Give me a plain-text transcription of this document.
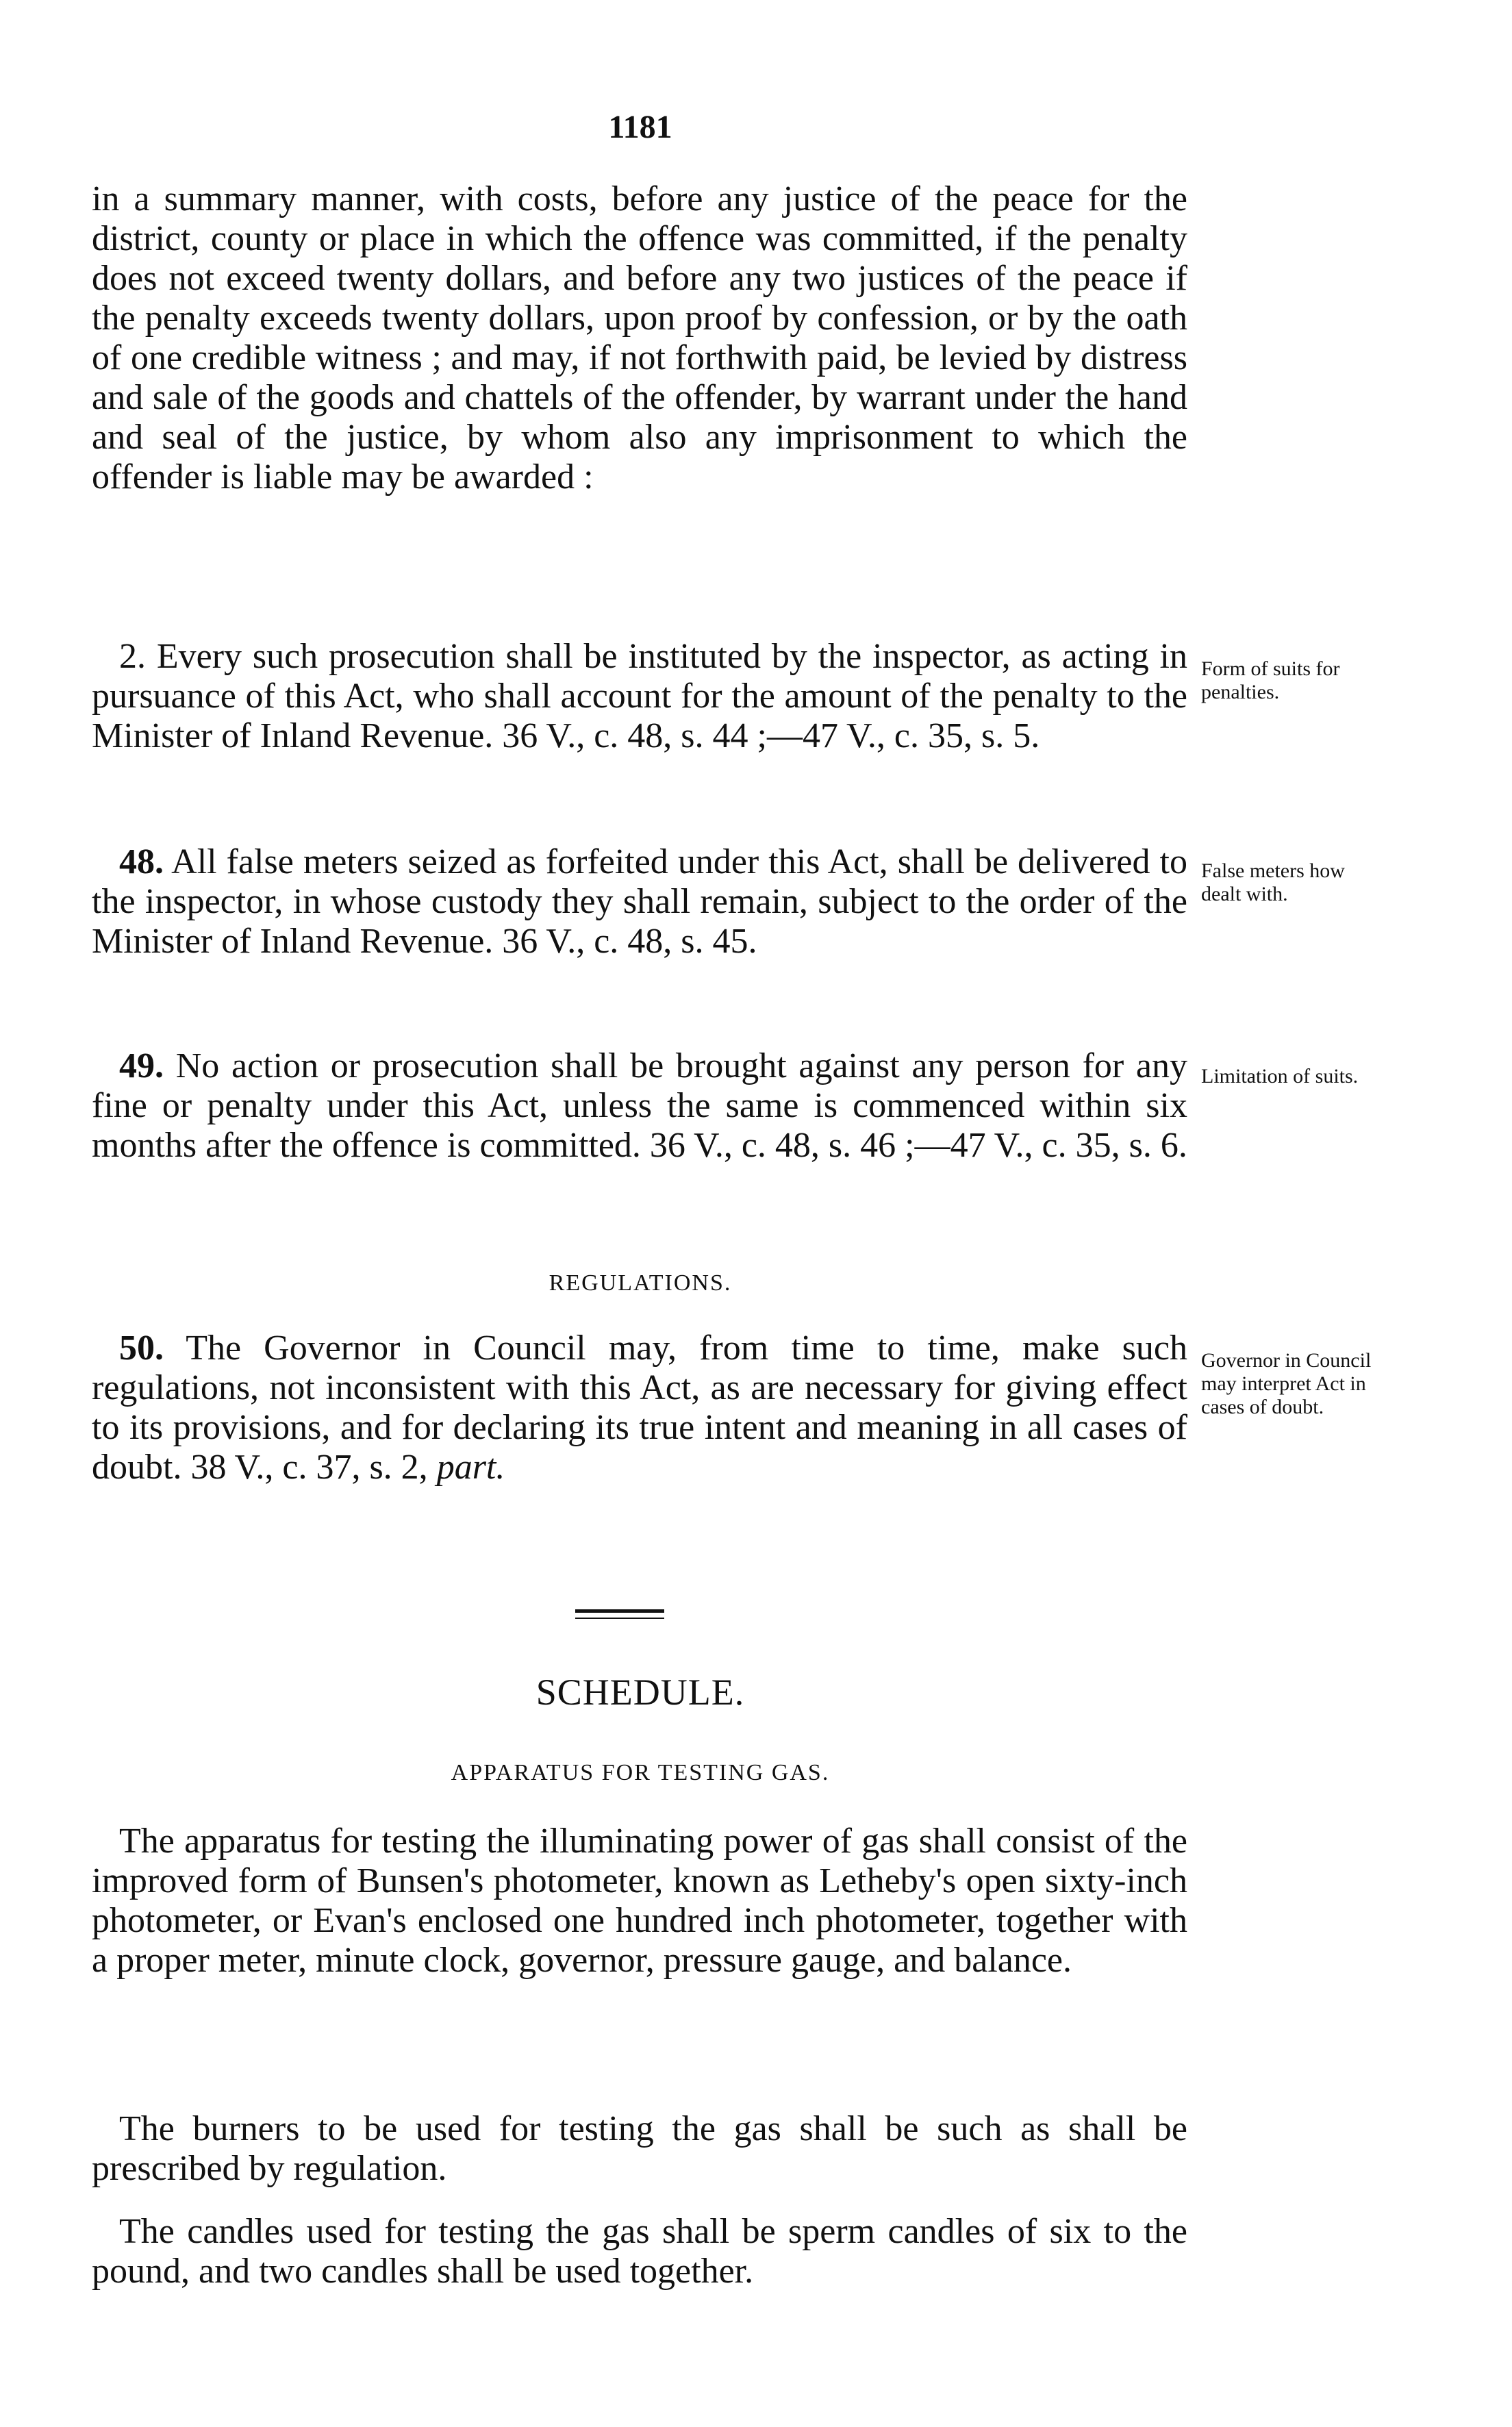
1181

in a summary manner, with costs, before any justice of the peace for the district, county or place in which the offence was committed, if the penalty does not exceed twenty dollars, and before any two justices of the peace if the penalty exceeds twenty dollars, upon proof by confession, or by the oath of one credible witness ; and may, if not forthwith paid, be levied by distress and sale of the goods and chattels of the offender, by warrant under the hand and seal of the justice, by whom also any imprisonment to which the offender is liable may be awarded :

2. Every such prosecution shall be instituted by the inspector, as acting in pursuance of this Act, who shall account for the amount of the penalty to the Minister of Inland Revenue. 36 V., c. 48, s. 44 ;—47 V., c. 35, s. 5.

Form of suits for penalties.

48. All false meters seized as forfeited under this Act, shall be delivered to the inspector, in whose custody they shall remain, subject to the order of the Minister of Inland Revenue. 36 V., c. 48, s. 45.

False meters how dealt with.

49. No action or prosecution shall be brought against any person for any fine or penalty under this Act, unless the same is commenced within six months after the offence is committed. 36 V., c. 48, s. 46 ;—47 V., c. 35, s. 6.

Limitation of suits.
REGULATIONS.

50. The Governor in Council may, from time to time, make such regulations, not inconsistent with this Act, as are necessary for giving effect to its provisions, and for declaring its true intent and meaning in all cases of doubt. 38 V., c. 37, s. 2, part.

Governor in Council may interpret Act in cases of doubt.
SCHEDULE.
APPARATUS FOR TESTING GAS.

The apparatus for testing the illuminating power of gas shall consist of the improved form of Bunsen's photometer, known as Letheby's open sixty-inch photometer, or Evan's enclosed one hundred inch photometer, together with a proper meter, minute clock, governor, pressure gauge, and balance.

The burners to be used for testing the gas shall be such as shall be prescribed by regulation.

The candles used for testing the gas shall be sperm candles of six to the pound, and two candles shall be used together.
